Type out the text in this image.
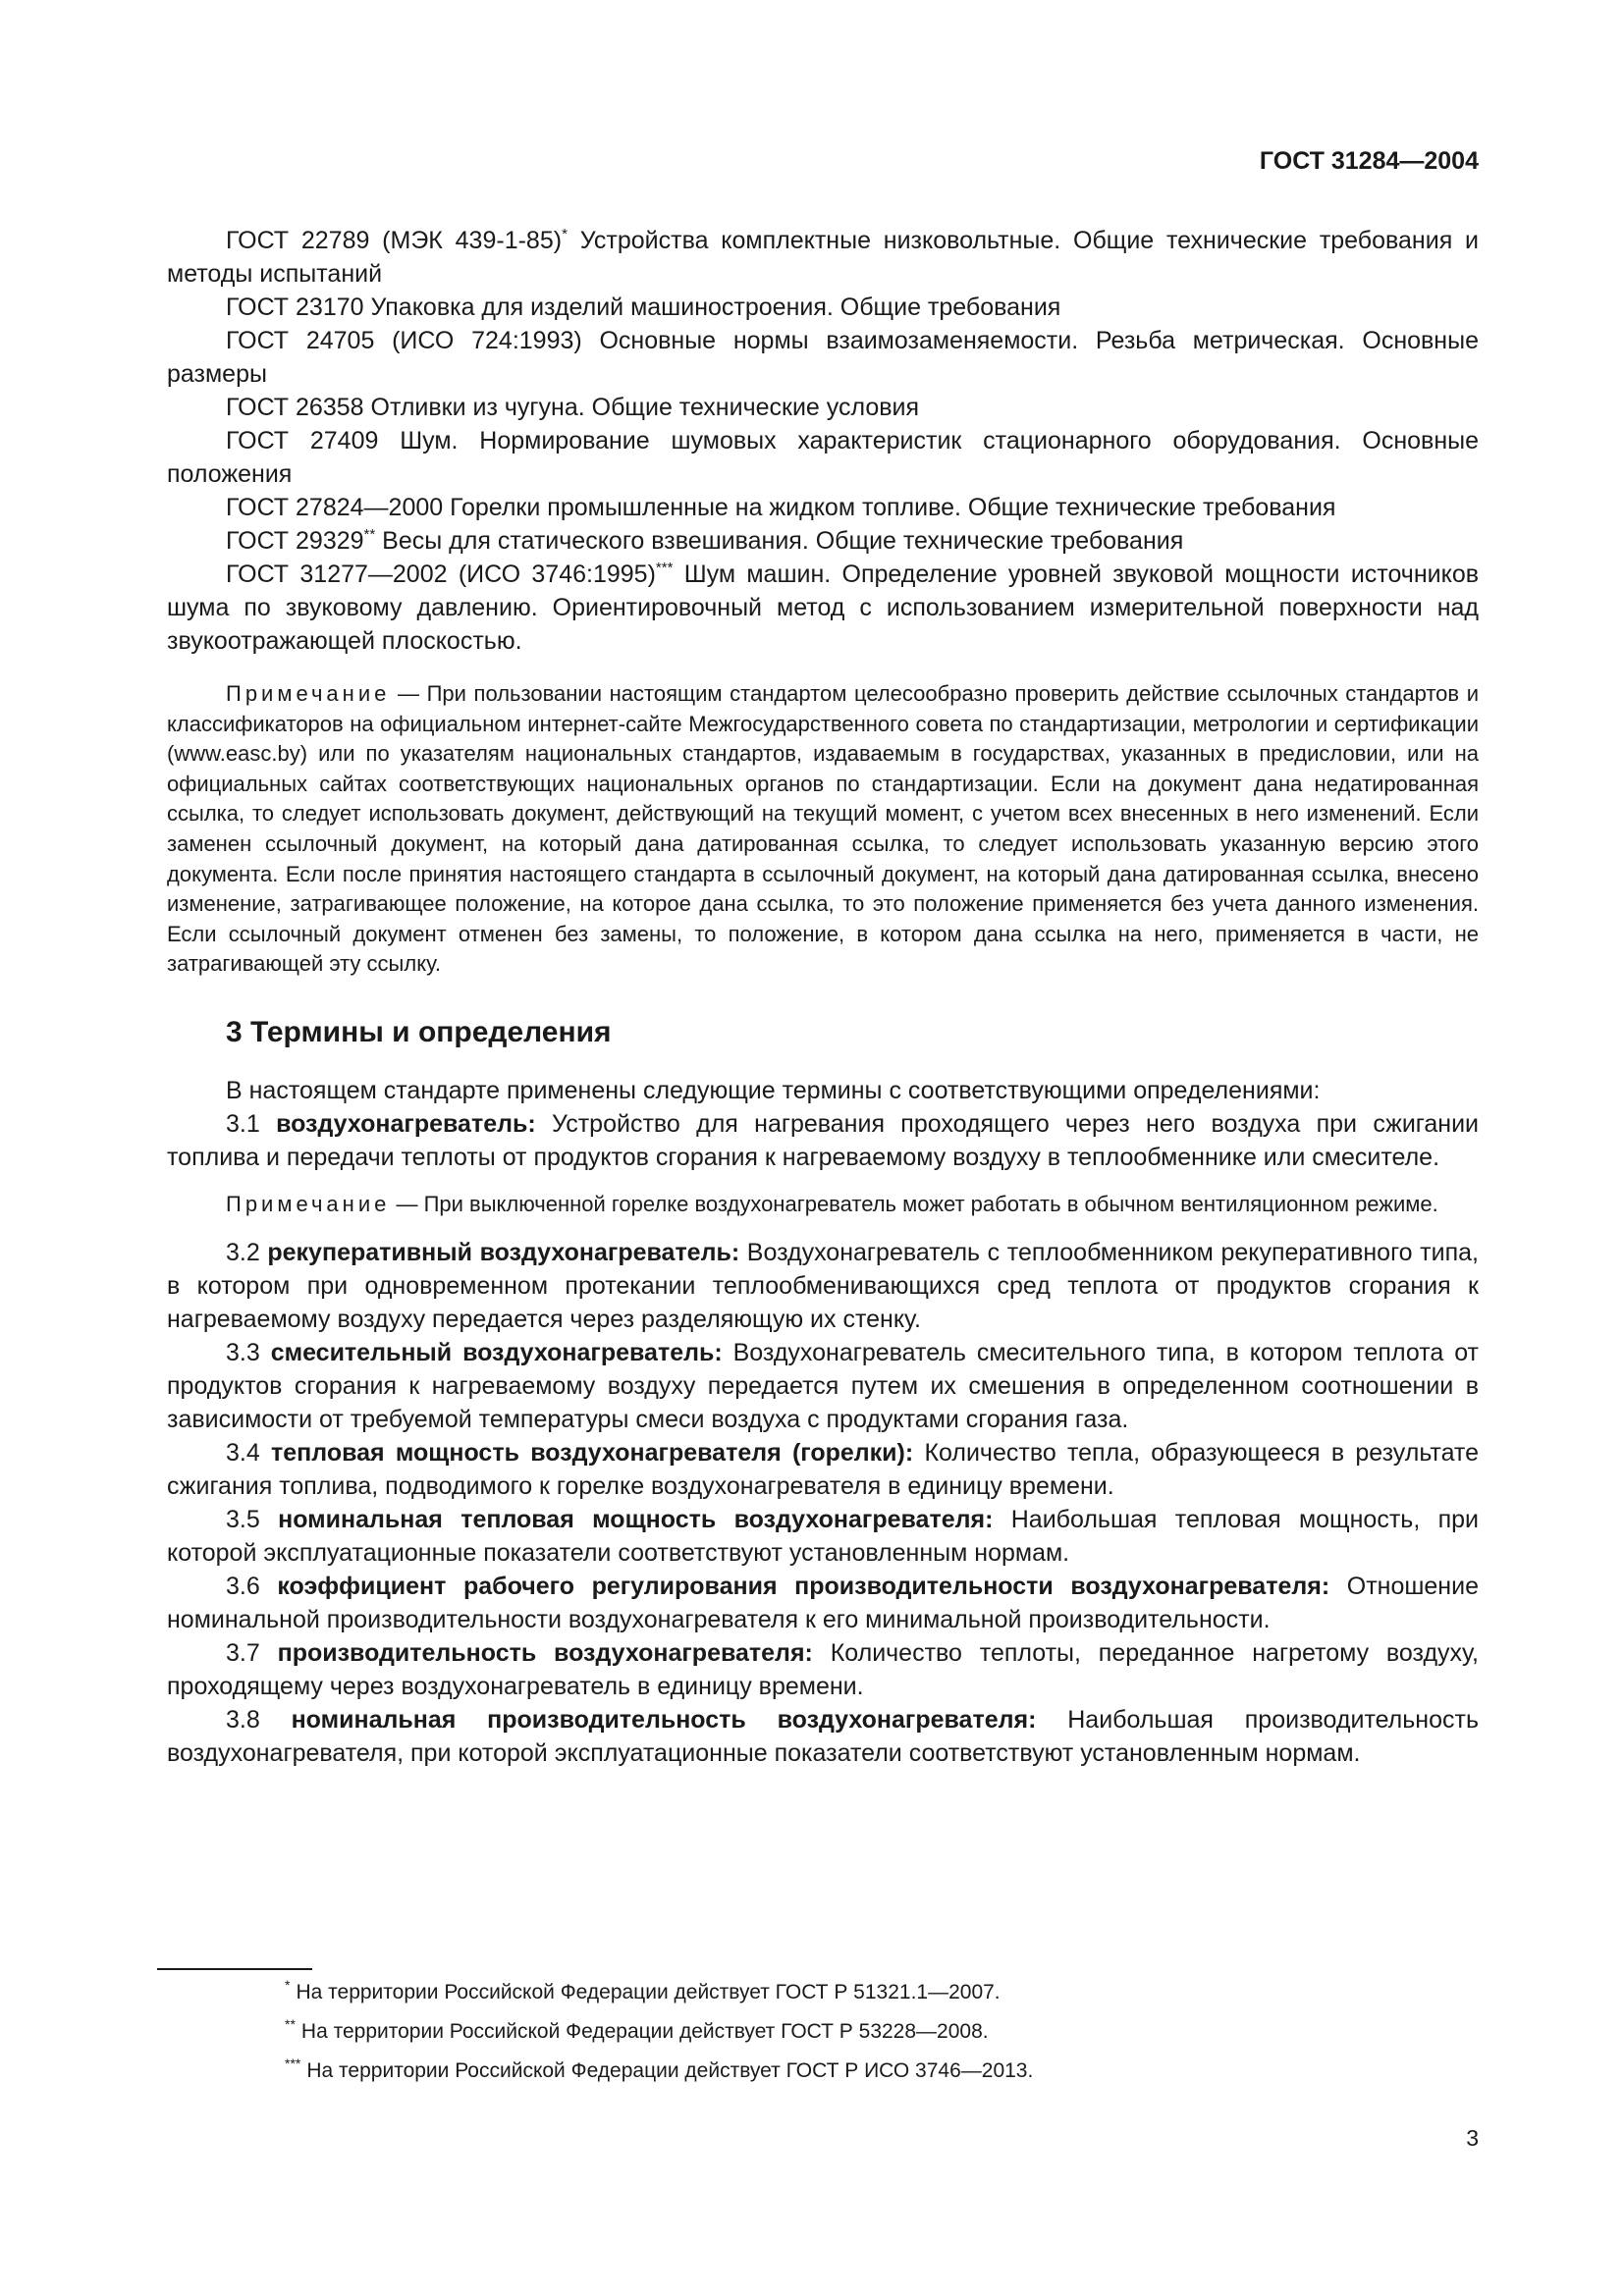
ГОСТ 31284—2004

ГОСТ 22789 (МЭК 439-1-85)* Устройства комплектные низковольтные. Общие технические требования и методы испытаний

ГОСТ 23170 Упаковка для изделий машиностроения. Общие требования

ГОСТ 24705 (ИСО 724:1993) Основные нормы взаимозаменяемости. Резьба метрическая. Основные размеры

ГОСТ 26358 Отливки из чугуна. Общие технические условия

ГОСТ 27409 Шум. Нормирование шумовых характеристик стационарного оборудования. Основные положения

ГОСТ 27824—2000 Горелки промышленные на жидком топливе. Общие технические требования

ГОСТ 29329** Весы для статического взвешивания. Общие технические требования

ГОСТ 31277—2002 (ИСО 3746:1995)*** Шум машин. Определение уровней звуковой мощности источников шума по звуковому давлению. Ориентировочный метод с использованием измерительной поверхности над звукоотражающей плоскостью.

Примечание — При пользовании настоящим стандартом целесообразно проверить действие ссылочных стандартов и классификаторов на официальном интернет-сайте Межгосударственного совета по стандартизации, метрологии и сертификации (www.easc.by) или по указателям национальных стандартов, издаваемым в государствах, указанных в предисловии, или на официальных сайтах соответствующих национальных органов по стандартизации. Если на документ дана недатированная ссылка, то следует использовать документ, действующий на текущий момент, с учетом всех внесенных в него изменений. Если заменен ссылочный документ, на который дана датированная ссылка, то следует использовать указанную версию этого документа. Если после принятия настоящего стандарта в ссылочный документ, на который дана датированная ссылка, внесено изменение, затрагивающее положение, на которое дана ссылка, то это положение применяется без учета данного изменения. Если ссылочный документ отменен без замены, то положение, в котором дана ссылка на него, применяется в части, не затрагивающей эту ссылку.

3 Термины и определения

В настоящем стандарте применены следующие термины с соответствующими определениями:

3.1 воздухонагреватель: Устройство для нагревания проходящего через него воздуха при сжигании топлива и передачи теплоты от продуктов сгорания к нагреваемому воздуху в теплообменнике или смесителе.

Примечание — При выключенной горелке воздухонагреватель может работать в обычном вентиляционном режиме.

3.2 рекуперативный воздухонагреватель: Воздухонагреватель с теплообменником рекуперативного типа, в котором при одновременном протекании теплообменивающихся сред теплота от продуктов сгорания к нагреваемому воздуху передается через разделяющую их стенку.

3.3 смесительный воздухонагреватель: Воздухонагреватель смесительного типа, в котором теплота от продуктов сгорания к нагреваемому воздуху передается путем их смешения в определенном соотношении в зависимости от требуемой температуры смеси воздуха с продуктами сгорания газа.

3.4 тепловая мощность воздухонагревателя (горелки): Количество тепла, образующееся в результате сжигания топлива, подводимого к горелке воздухонагревателя в единицу времени.

3.5 номинальная тепловая мощность воздухонагревателя: Наибольшая тепловая мощность, при которой эксплуатационные показатели соответствуют установленным нормам.

3.6 коэффициент рабочего регулирования производительности воздухонагревателя: Отношение номинальной производительности воздухонагревателя к его минимальной производительности.

3.7 производительность воздухонагревателя: Количество теплоты, переданное нагретому воздуху, проходящему через воздухонагреватель в единицу времени.

3.8 номинальная производительность воздухонагревателя: Наибольшая производительность воздухонагревателя, при которой эксплуатационные показатели соответствуют установленным нормам.

* На территории Российской Федерации действует ГОСТ Р 51321.1—2007.

** На территории Российской Федерации действует ГОСТ Р 53228—2008.

*** На территории Российской Федерации действует ГОСТ Р ИСО 3746—2013.

3
